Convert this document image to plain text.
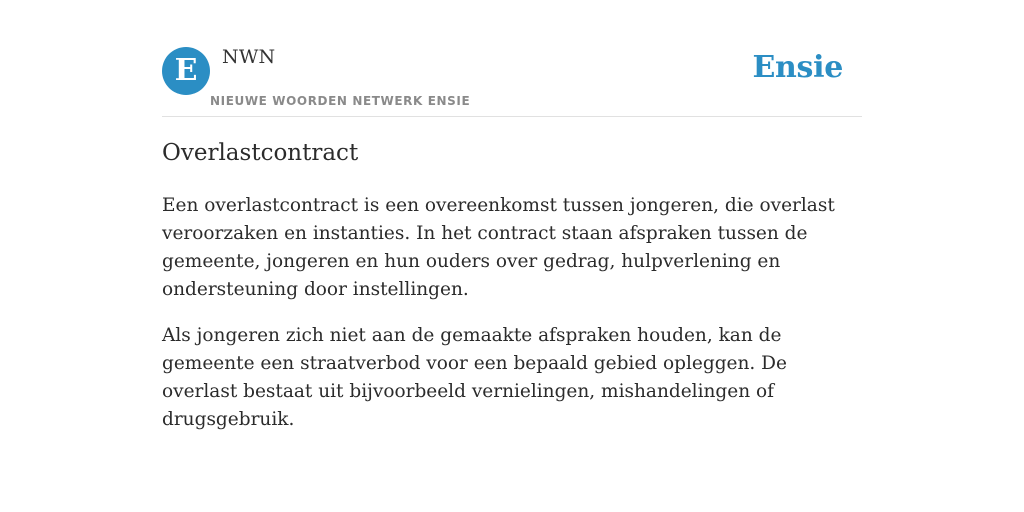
E	NWN
NIEUWE WOORDEN NETWERK ENSIE
Ensie
Overlastcontract

Een overlastcontract is een overeenkomst tussen jongeren, die overlast veroorzaken en instanties. In het contract staan afspraken tussen de gemeente, jongeren en hun ouders over gedrag, hulpverlening en ondersteuning door instellingen.

Als jongeren zich niet aan de gemaakte afspraken houden, kan de gemeente een straatverbod voor een bepaald gebied opleggen. De overlast bestaat uit bijvoorbeeld vernielingen, mishandelingen of drugsgebruik.
